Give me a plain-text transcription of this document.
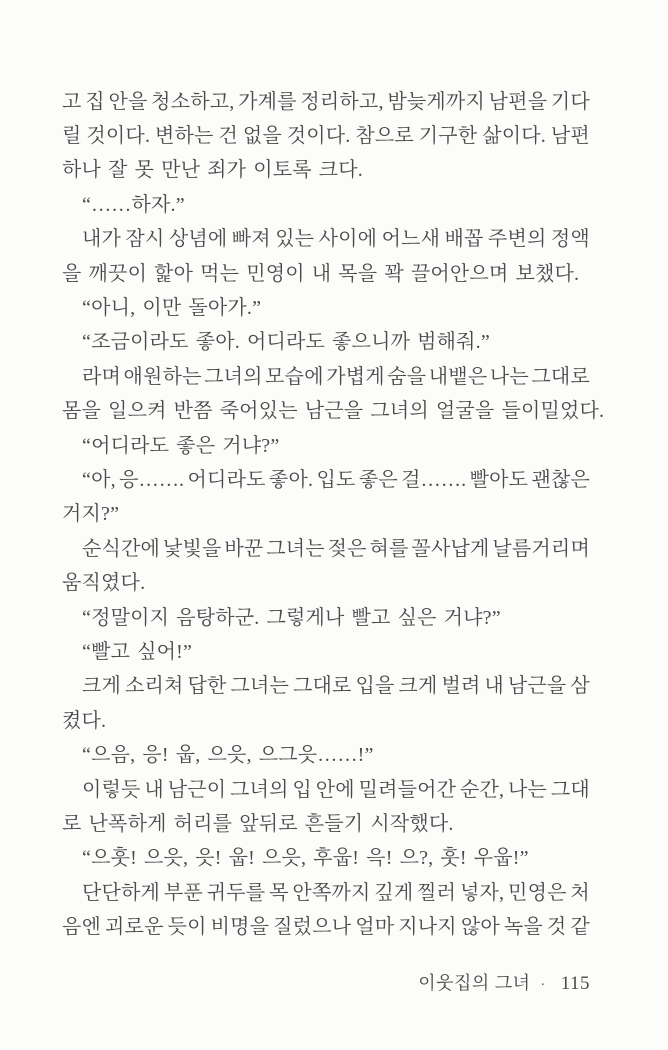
고 집 안을 청소하고, 가계를 정리하고, 밤늦게까지 남편을 기다
릴 것이다. 변하는 건 없을 것이다. 참으로 기구한 삶이다. 남편
하나 잘 못 만난 죄가 이토록 크다.
“……하자.”
내가 잠시 상념에 빠져 있는 사이에 어느새 배꼽 주변의 정액
을 깨끗이 핥아 먹는 민영이 내 목을 꽉 끌어안으며 보챘다.
“아니, 이만 돌아가.”
“조금이라도 좋아. 어디라도 좋으니까 범해줘.”
라며 애원하는 그녀의 모습에 가볍게 숨을 내뱉은 나는 그대로
몸을 일으켜 반쯤 죽어있는 남근을 그녀의 얼굴을 들이밀었다.
“어디라도 좋은 거냐?”
“아, 응……. 어디라도 좋아. 입도 좋은 걸……. 빨아도 괜찮은
거지?”
순식간에 낯빛을 바꾼 그녀는 젖은 혀를 꼴사납게 날름거리며
움직였다.
“정말이지 음탕하군. 그렇게나 빨고 싶은 거냐?”
“빨고 싶어!”
크게 소리쳐 답한 그녀는 그대로 입을 크게 벌려 내 남근을 삼
켰다.
“으음, 응! 웁, 으읏, 으그읏……!”
이렇듯 내 남근이 그녀의 입 안에 밀려들어간 순간, 나는 그대
로 난폭하게 허리를 앞뒤로 흔들기 시작했다.
“으훗! 으읏, 읏! 웁! 으읏, 후웁! 윽! 으?, 훗! 우웁!”
단단하게 부푼 귀두를 목 안쪽까지 깊게 찔러 넣자, 민영은 처
음엔 괴로운 듯이 비명을 질렀으나 얼마 지나지 않아 녹을 것 같
이웃집의 그녀 · 115
